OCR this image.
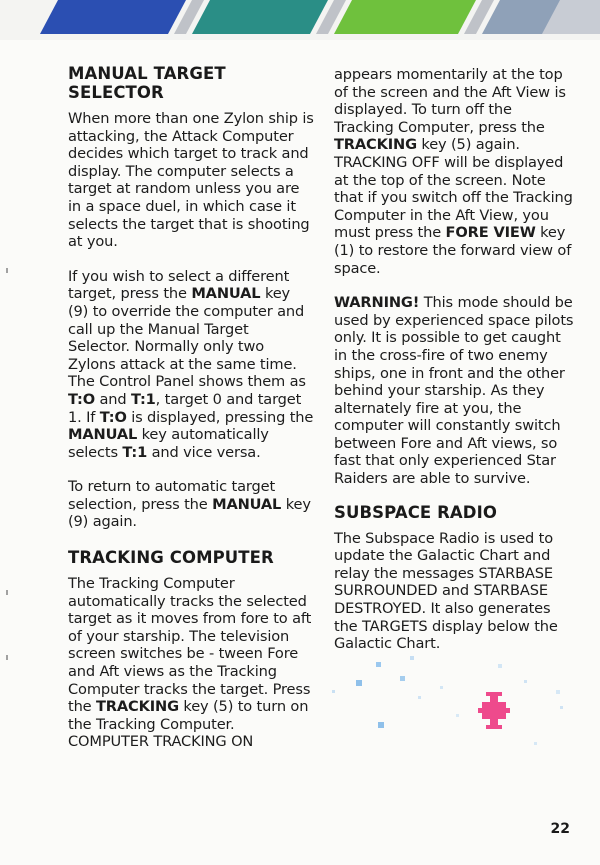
MANUAL TARGET SELECTOR

When more than one Zylon ship is attacking, the Attack Computer decides which target to track and display. The computer selects a target at random unless you are in a space duel, in which case it selects the target that is shooting at you.

If you wish to select a different target, press the MANUAL key (9) to override the computer and call up the Manual Target Selector. Normally only two Zylons attack at the same time. The Control Panel shows them as T:O and T:1, target 0 and target 1. If T:O is displayed, pressing the MANUAL key automatically selects T:1 and vice versa.

To return to automatic target selection, press the MANUAL key (9) again.

TRACKING COMPUTER

The Tracking Computer automatically tracks the selected target as it moves from fore to aft of your starship. The television screen switches be - tween Fore and Aft views as the Tracking Computer tracks the target. Press the TRACKING key (5) to turn on the Tracking Computer. COMPUTER TRACKING ON

appears momentarily at the top of the screen and the Aft View is displayed. To turn off the Tracking Computer, press the TRACKING key (5) again. TRACKING OFF will be displayed at the top of the screen. Note that if you switch off the Tracking Computer in the Aft View, you must press the FORE VIEW key (1) to restore the forward view of space.

WARNING! This mode should be used by experienced space pilots only. It is possible to get caught in the cross-fire of two enemy ships, one in front and the other behind your starship. As they alternately fire at you, the computer will constantly switch between Fore and Aft views, so fast that only experienced Star Raiders are able to survive.

SUBSPACE RADIO

The Subspace Radio is used to update the Galactic Chart and relay the messages STARBASE SURROUNDED and STARBASE DESTROYED. It also generates the TARGETS display below the Galactic Chart.

22
